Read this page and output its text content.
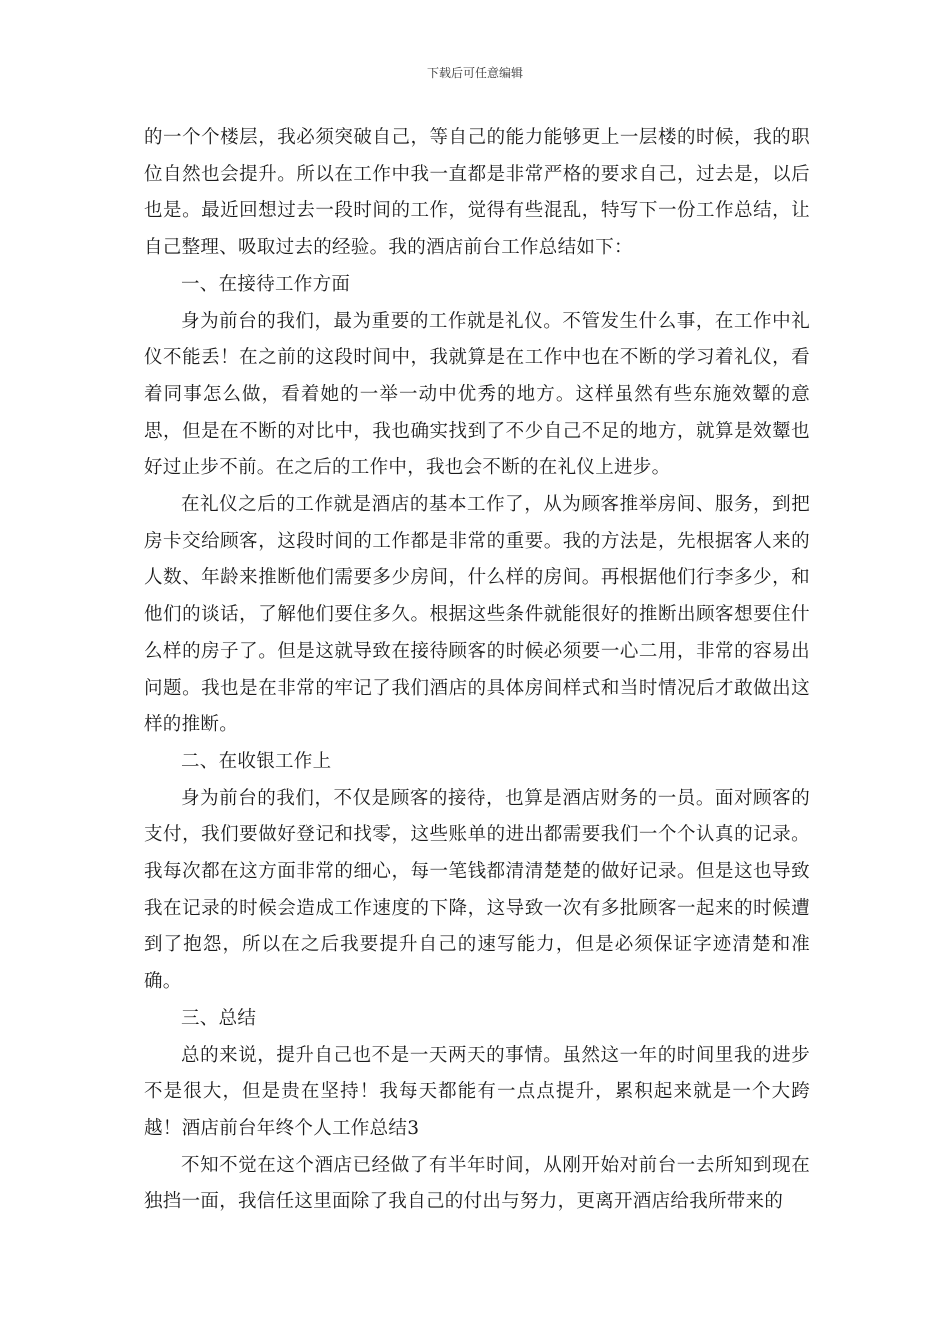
下载后可任意编辑

的一个个楼层，我必须突破自己，等自己的能力能够更上一层楼的时候，我的职位自然也会提升。所以在工作中我一直都是非常严格的要求自己，过去是，以后也是。最近回想过去一段时间的工作，觉得有些混乱，特写下一份工作总结，让自己整理、吸取过去的经验。我的酒店前台工作总结如下：

一、在接待工作方面

身为前台的我们，最为重要的工作就是礼仪。不管发生什么事，在工作中礼仪不能丢！在之前的这段时间中，我就算是在工作中也在不断的学习着礼仪，看着同事怎么做，看着她的一举一动中优秀的地方。这样虽然有些东施效颦的意思，但是在不断的对比中，我也确实找到了不少自己不足的地方，就算是效颦也好过止步不前。在之后的工作中，我也会不断的在礼仪上进步。

在礼仪之后的工作就是酒店的基本工作了，从为顾客推举房间、服务，到把房卡交给顾客，这段时间的工作都是非常的重要。我的方法是，先根据客人来的人数、年龄来推断他们需要多少房间，什么样的房间。再根据他们行李多少，和他们的谈话，了解他们要住多久。根据这些条件就能很好的推断出顾客想要住什么样的房子了。但是这就导致在接待顾客的时候必须要一心二用，非常的容易出问题。我也是在非常的牢记了我们酒店的具体房间样式和当时情况后才敢做出这样的推断。

二、在收银工作上

身为前台的我们，不仅是顾客的接待，也算是酒店财务的一员。面对顾客的支付，我们要做好登记和找零，这些账单的进出都需要我们一个个认真的记录。我每次都在这方面非常的细心，每一笔钱都清清楚楚的做好记录。但是这也导致我在记录的时候会造成工作速度的下降，这导致一次有多批顾客一起来的时候遭到了抱怨，所以在之后我要提升自己的速写能力，但是必须保证字迹清楚和准确。

三、总结

总的来说，提升自己也不是一天两天的事情。虽然这一年的时间里我的进步不是很大，但是贵在坚持！我每天都能有一点点提升，累积起来就是一个大跨越！酒店前台年终个人工作总结3

不知不觉在这个酒店已经做了有半年时间，从刚开始对前台一去所知到现在独挡一面，我信任这里面除了我自己的付出与努力，更离开酒店给我所带来的
